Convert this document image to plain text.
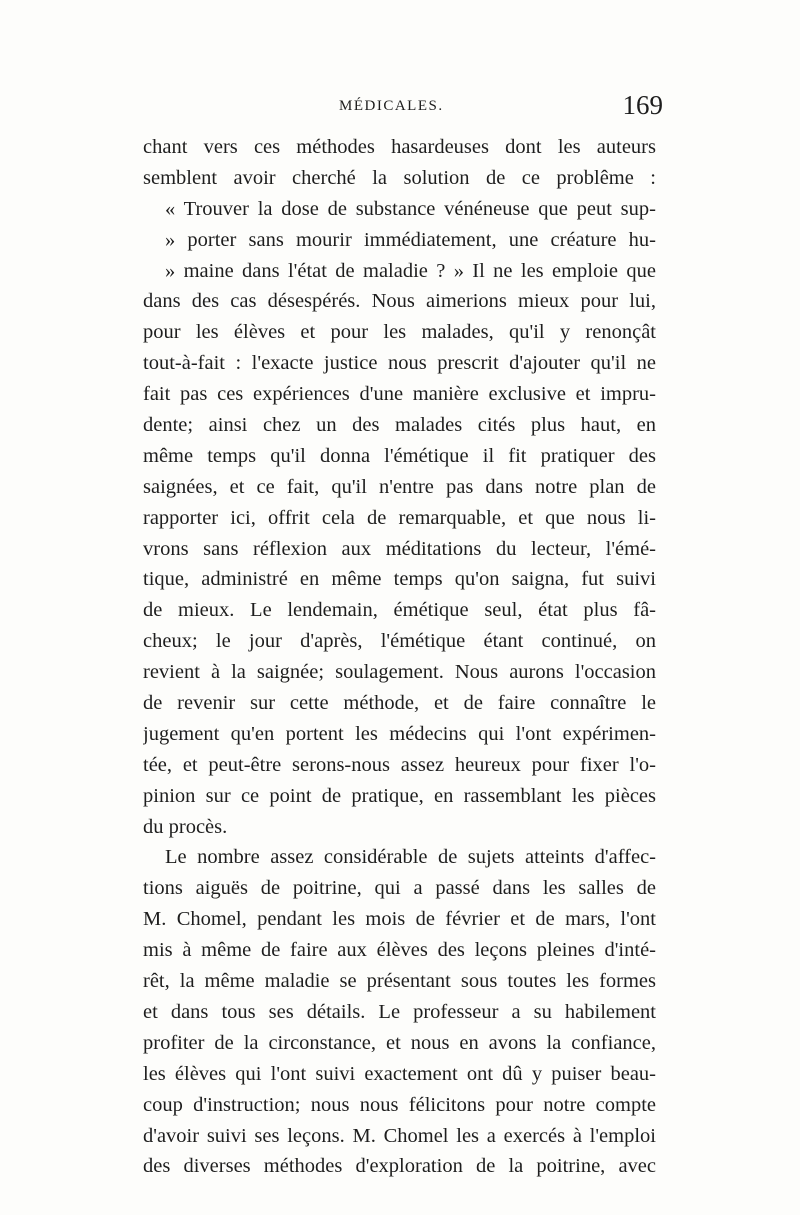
MÉDICALES.	169
chant vers ces méthodes hasardeuses dont les auteurs
semblent avoir cherché la solution de ce problême :
« Trouver la dose de substance vénéneuse que peut sup-
» porter sans mourir immédiatement, une créature hu-
» maine dans l'état de maladie ? » Il ne les emploie que
dans des cas désespérés. Nous aimerions mieux pour lui,
pour les élèves et pour les malades, qu'il y renonçât
tout-à-fait : l'exacte justice nous prescrit d'ajouter qu'il ne
fait pas ces expériences d'une manière exclusive et impru-
dente; ainsi chez un des malades cités plus haut, en
même temps qu'il donna l'émétique il fit pratiquer des
saignées, et ce fait, qu'il n'entre pas dans notre plan de
rapporter ici, offrit cela de remarquable, et que nous li-
vrons sans réflexion aux méditations du lecteur, l'émé-
tique, administré en même temps qu'on saigna, fut suivi
de mieux. Le lendemain, émétique seul, état plus fâ-
cheux; le jour d'après, l'émétique étant continué, on
revient à la saignée; soulagement. Nous aurons l'occasion
de revenir sur cette méthode, et de faire connaître le
jugement qu'en portent les médecins qui l'ont expérimen-
tée, et peut-être serons-nous assez heureux pour fixer l'o-
pinion sur ce point de pratique, en rassemblant les pièces
du procès.
Le nombre assez considérable de sujets atteints d'affec-
tions aiguës de poitrine, qui a passé dans les salles de
M. Chomel, pendant les mois de février et de mars, l'ont
mis à même de faire aux élèves des leçons pleines d'inté-
rêt, la même maladie se présentant sous toutes les formes
et dans tous ses détails. Le professeur a su habilement
profiter de la circonstance, et nous en avons la confiance,
les élèves qui l'ont suivi exactement ont dû y puiser beau-
coup d'instruction; nous nous félicitons pour notre compte
d'avoir suivi ses leçons. M. Chomel les a exercés à l'emploi
des diverses méthodes d'exploration de la poitrine, avec
